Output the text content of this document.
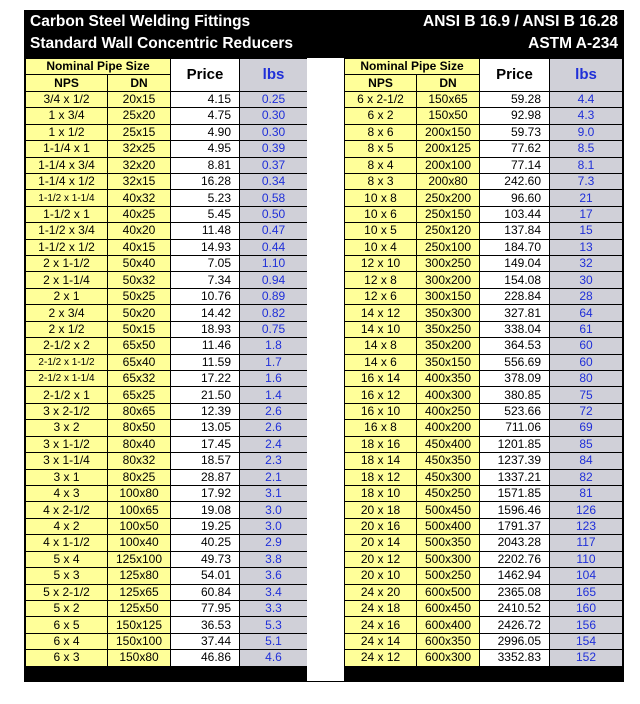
Carbon Steel Welding Fittings	ANSI B 16.9 / ANSI B 16.28
Standard Wall Concentric Reducers	ASTM A-234
Nominal Pipe Size		Price	lbs
NPS	DN		
3/4 x 1/2	20x15	4.15	0.25
1 x 3/4	25x20	4.75	0.30
1 x 1/2	25x15	4.90	0.30
1-1/4 x 1	32x25	4.95	0.39
1-1/4 x 3/4	32x20	8.81	0.37
1-1/4 x 1/2	32x15	16.28	0.34
1-1/2 x 1-1/4	40x32	5.23	0.58
1-1/2 x 1	40x25	5.45	0.50
1-1/2 x 3/4	40x20	11.48	0.47
1-1/2 x 1/2	40x15	14.93	0.44
2 x 1-1/2	50x40	7.05	1.10
2 x 1-1/4	50x32	7.34	0.94
2 x 1	50x25	10.76	0.89
2 x 3/4	50x20	14.42	0.82
2 x 1/2	50x15	18.93	0.75
2-1/2 x 2	65x50	11.46	1.8
2-1/2 x 1-1/2	65x40	11.59	1.7
2-1/2 x 1-1/4	65x32	17.22	1.6
2-1/2 x 1	65x25	21.50	1.4
3 x 2-1/2	80x65	12.39	2.6
3 x 2	80x50	13.05	2.6
3 x 1-1/2	80x40	17.45	2.4
3 x 1-1/4	80x32	18.57	2.3
3 x 1	80x25	28.87	2.1
4 x 3	100x80	17.92	3.1
4 x 2-1/2	100x65	19.08	3.0
4 x 2	100x50	19.25	3.0
4 x 1-1/2	100x40	40.25	2.9
5 x 4	125x100	49.73	3.8
5 x 3	125x80	54.01	3.6
5 x 2-1/2	125x65	60.84	3.4
5 x 2	125x50	77.95	3.3
6 x 5	150x125	36.53	5.3
6 x 4	150x100	37.44	5.1
6 x 3	150x80	46.86	4.6
Nominal Pipe Size		Price	lbs
NPS	DN		
6 x 2-1/2	150x65	59.28	4.4
6 x 2	150x50	92.98	4.3
8 x 6	200x150	59.73	9.0
8 x 5	200x125	77.62	8.5
8 x 4	200x100	77.14	8.1
8 x 3	200x80	242.60	7.3
10 x 8	250x200	96.60	21
10 x 6	250x150	103.44	17
10 x 5	250x120	137.84	15
10 x 4	250x100	184.70	13
12 x 10	300x250	149.04	32
12 x 8	300x200	154.08	30
12 x 6	300x150	228.84	28
14 x 12	350x300	327.81	64
14 x 10	350x250	338.04	61
14 x 8	350x200	364.53	60
14 x 6	350x150	556.69	60
16 x 14	400x350	378.09	80
16 x 12	400x300	380.85	75
16 x 10	400x250	523.66	72
16 x 8	400x200	711.06	69
18 x 16	450x400	1201.85	85
18 x 14	450x350	1237.39	84
18 x 12	450x300	1337.21	82
18 x 10	450x250	1571.85	81
20 x 18	500x450	1596.46	126
20 x 16	500x400	1791.37	123
20 x 14	500x350	2043.28	117
20 x 12	500x300	2202.76	110
20 x 10	500x250	1462.94	104
24 x 20	600x500	2365.08	165
24 x 18	600x450	2410.52	160
24 x 16	600x400	2426.72	156
24 x 14	600x350	2996.05	154
24 x 12	600x300	3352.83	152
